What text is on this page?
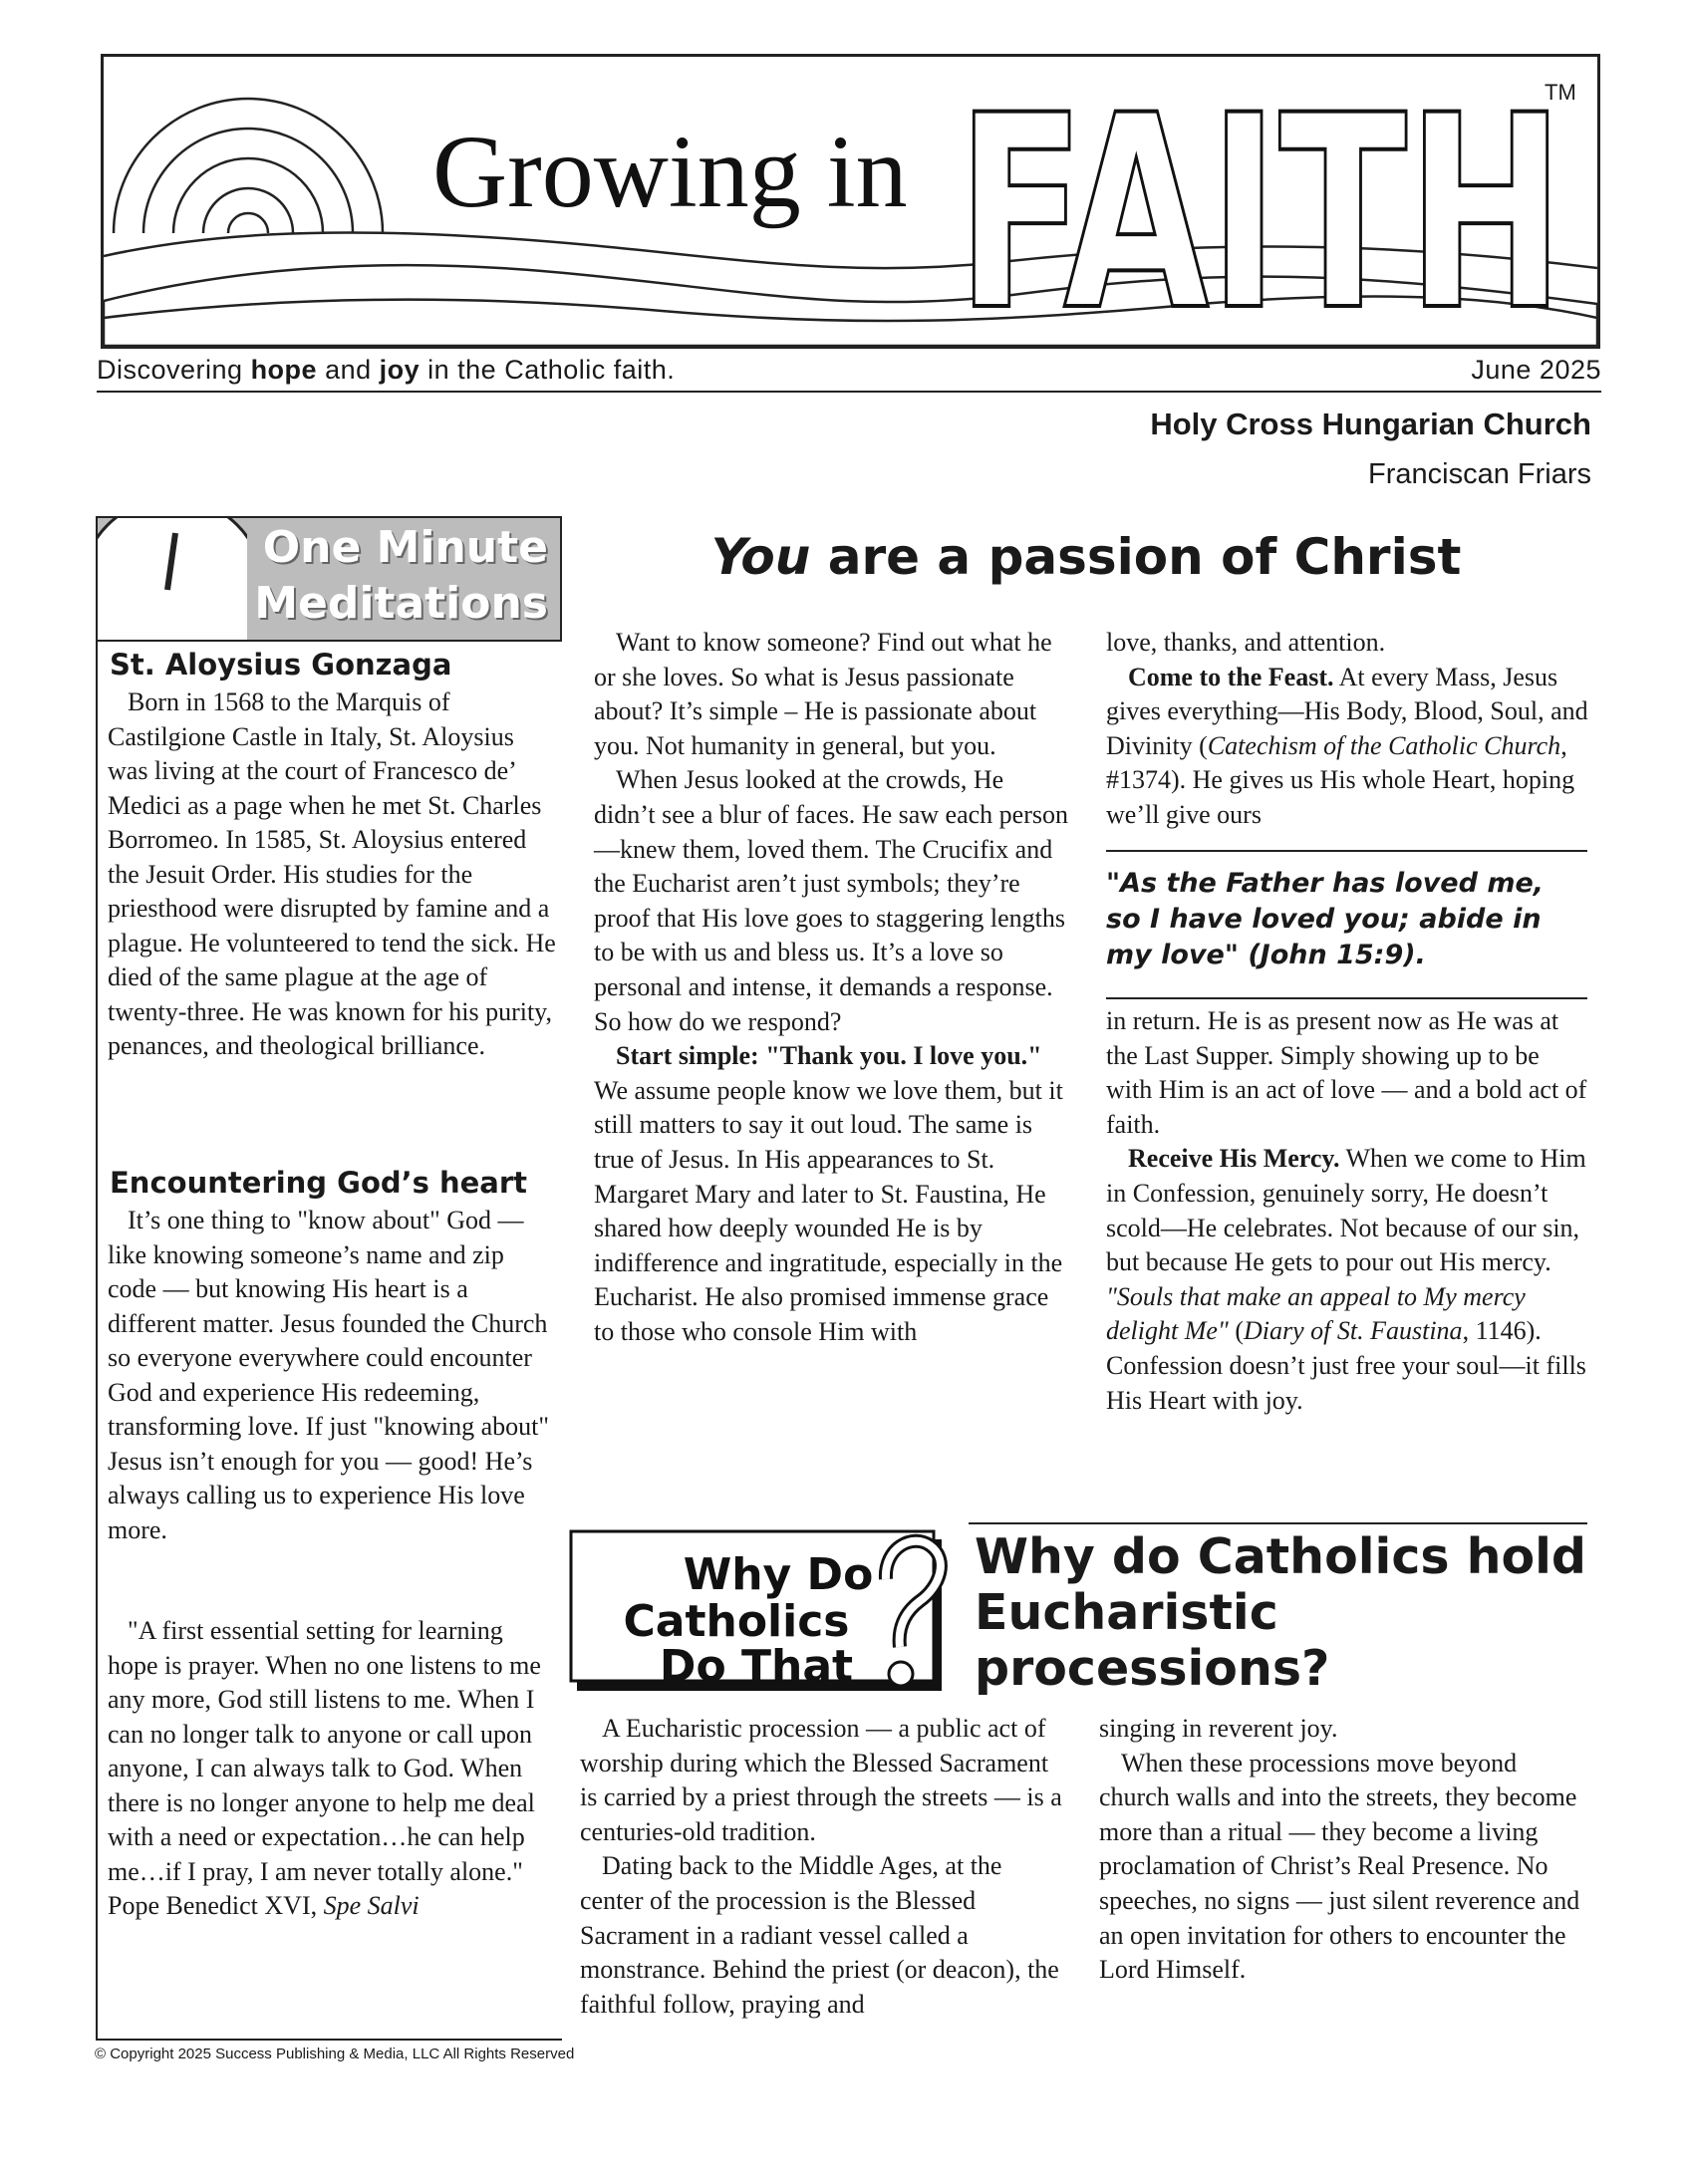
Growing in FAITH
TM
Discovering hope and joy in the Catholic faith.	June 2025
Holy Cross Hungarian Church
Franciscan Friars
One Minute
Meditations
St. Aloysius Gonzaga

Born in 1568 to the Marquis of Castilgione Castle in Italy, St. Aloysius was living at the court of Francesco de’ Medici as a page when he met St. Charles Borromeo. In 1585, St. Aloysius entered the Jesuit Order. His studies for the priesthood were disrupted by famine and a plague. He volunteered to tend the sick. He died of the same plague at the age of twenty-three. He was known for his purity, penances, and theological brilliance.

Encountering God’s heart

It’s one thing to "know about" God — like knowing someone’s name and zip code — but knowing His heart is a different matter. Jesus founded the Church so everyone everywhere could encounter God and experience His redeeming, transforming love. If just "knowing about" Jesus isn’t enough for you — good! He’s always calling us to experience His love more.

"A first essential setting for learning hope is prayer. When no one listens to me any more, God still listens to me. When I can no longer talk to anyone or call upon anyone, I can always talk to God. When there is no longer anyone to help me deal with a need or expectation…he can help me…if I pray, I am never totally alone."

Pope Benedict XVI, Spe Salvi

You are a passion of Christ

Want to know someone? Find out what he or she loves. So what is Jesus passionate about? It’s simple – He is passionate about you. Not humanity in general, but you.

When Jesus looked at the crowds, He didn’t see a blur of faces. He saw each person—knew them, loved them. The Crucifix and the Eucharist aren’t just symbols; they’re proof that His love goes to staggering lengths to be with us and bless us. It’s a love so personal and intense, it demands a response. So how do we respond?

Start simple: "Thank you. I love you." We assume people know we love them, but it still matters to say it out loud. The same is true of Jesus. In His appearances to St. Margaret Mary and later to St. Faustina, He shared how deeply wounded He is by indifference and ingratitude, especially in the Eucharist. He also promised immense grace to those who console Him with

love, thanks, and attention.

Come to the Feast. At every Mass, Jesus gives everything—His Body, Blood, Soul, and Divinity (Catechism of the Catholic Church, #1374). He gives us His whole Heart, hoping we’ll give ours

"As the Father has loved me, so I have loved you; abide in my love" (John 15:9).

in return. He is as present now as He was at the Last Supper. Simply showing up to be with Him is an act of love — and a bold act of faith.

Receive His Mercy. When we come to Him in Confession, genuinely sorry, He doesn’t scold—He celebrates. Not because of our sin, but because He gets to pour out His mercy. "Souls that make an appeal to My mercy delight Me" (Diary of St. Faustina, 1146). Confession doesn’t just free your soul—it fills His Heart with joy.

Why Do
Catholics
Do That
Why do Catholics hold Eucharistic processions?

A Eucharistic procession — a public act of worship during which the Blessed Sacrament is carried by a priest through the streets — is a centuries-old tradition.

Dating back to the Middle Ages, at the center of the procession is the Blessed Sacrament in a radiant vessel called a monstrance. Behind the priest (or deacon), the faithful follow, praying and

singing in reverent joy.

When these processions move beyond church walls and into the streets, they become more than a ritual — they become a living proclamation of Christ’s Real Presence. No speeches, no signs — just silent reverence and an open invitation for others to encounter the Lord Himself.

© Copyright 2025 Success Publishing & Media, LLC All Rights Reserved
